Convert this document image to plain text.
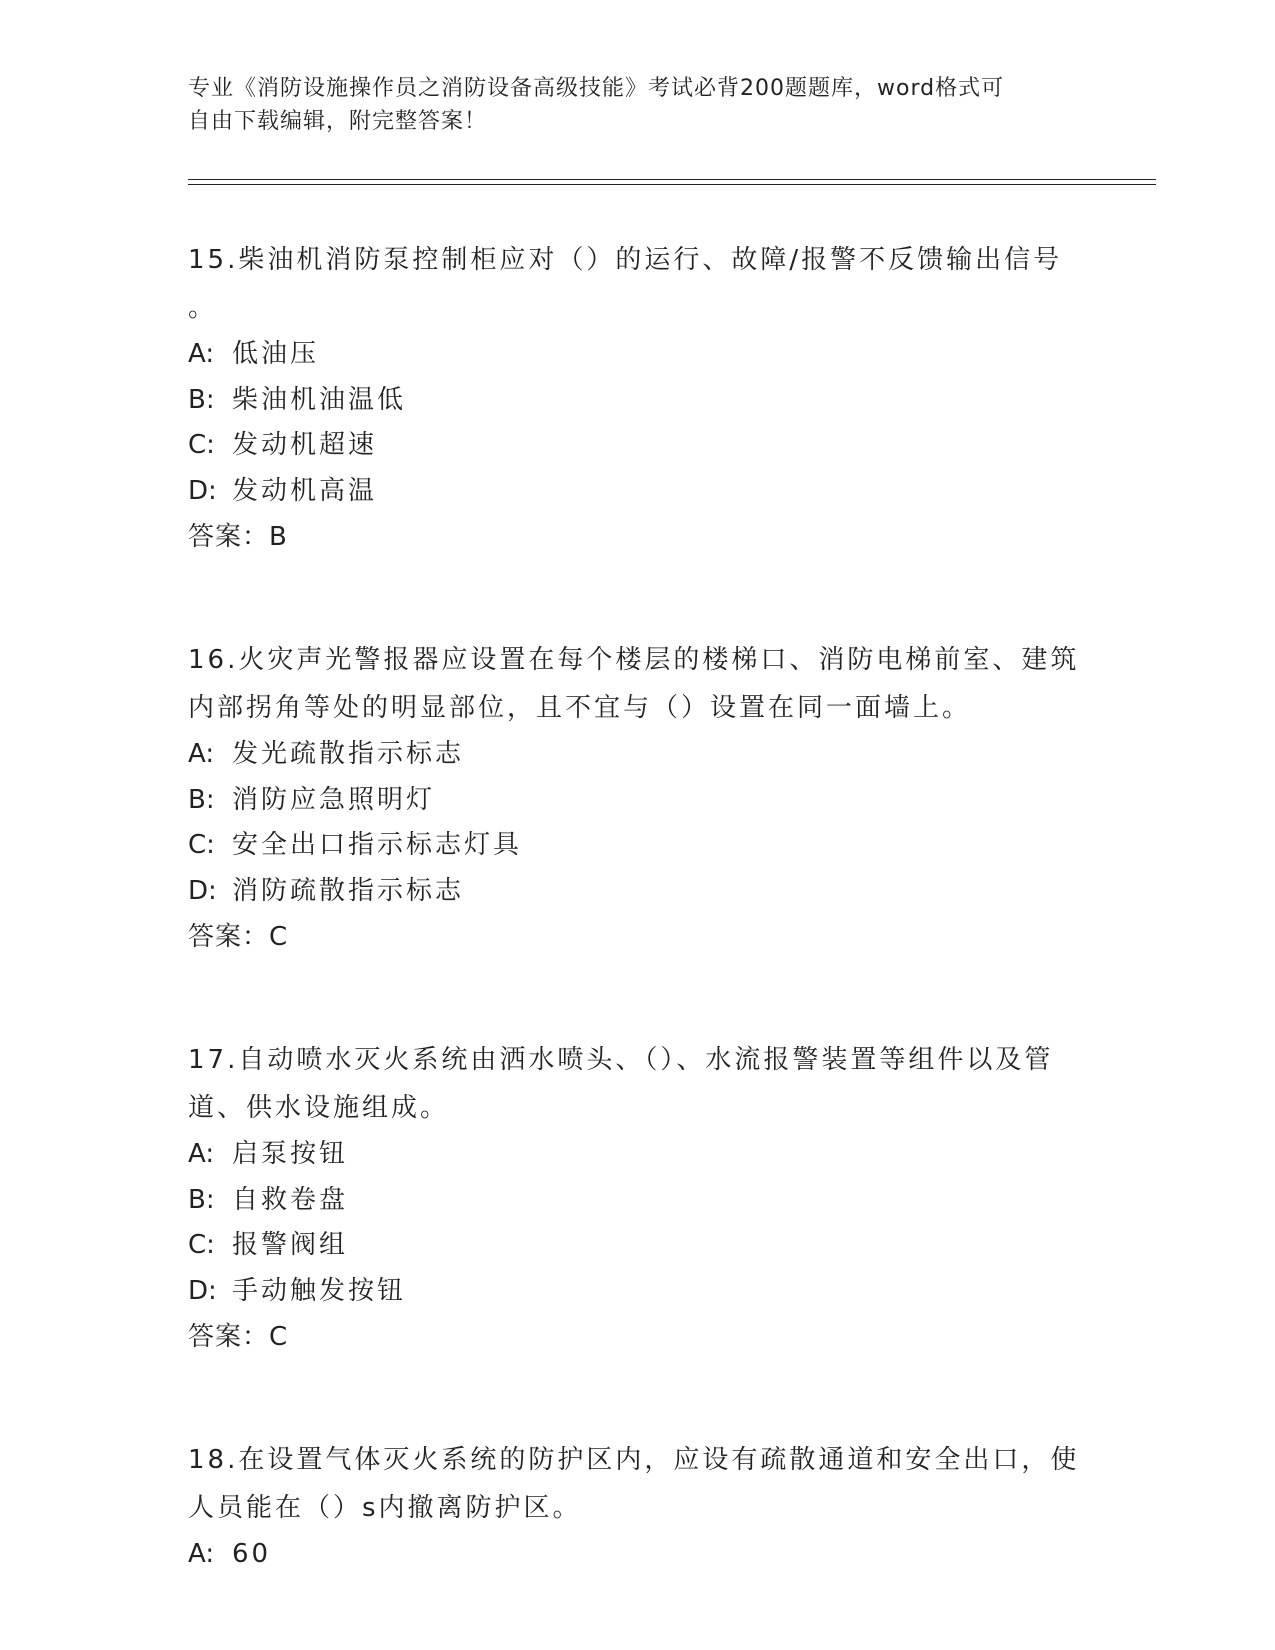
专业《消防设施操作员之消防设备高级技能》考试必背200题题库，word格式可
自由下载编辑，附完整答案！
15.柴油机消防泵控制柜应对（）的运行、故障/报警不反馈输出信号
。
A: 低油压
B: 柴油机油温低
C: 发动机超速
D: 发动机高温
答案：B
16.火灾声光警报器应设置在每个楼层的楼梯口、消防电梯前室、建筑
内部拐角等处的明显部位，且不宜与（）设置在同一面墙上。
A: 发光疏散指示标志
B: 消防应急照明灯
C: 安全出口指示标志灯具
D: 消防疏散指示标志
答案：C
17.自动喷水灭火系统由洒水喷头、（）、水流报警装置等组件以及管
道、供水设施组成。
A: 启泵按钮
B: 自救卷盘
C: 报警阀组
D: 手动触发按钮
答案：C
18.在设置气体灭火系统的防护区内，应设有疏散通道和安全出口，使
人员能在（）s内撤离防护区。
A: 60
